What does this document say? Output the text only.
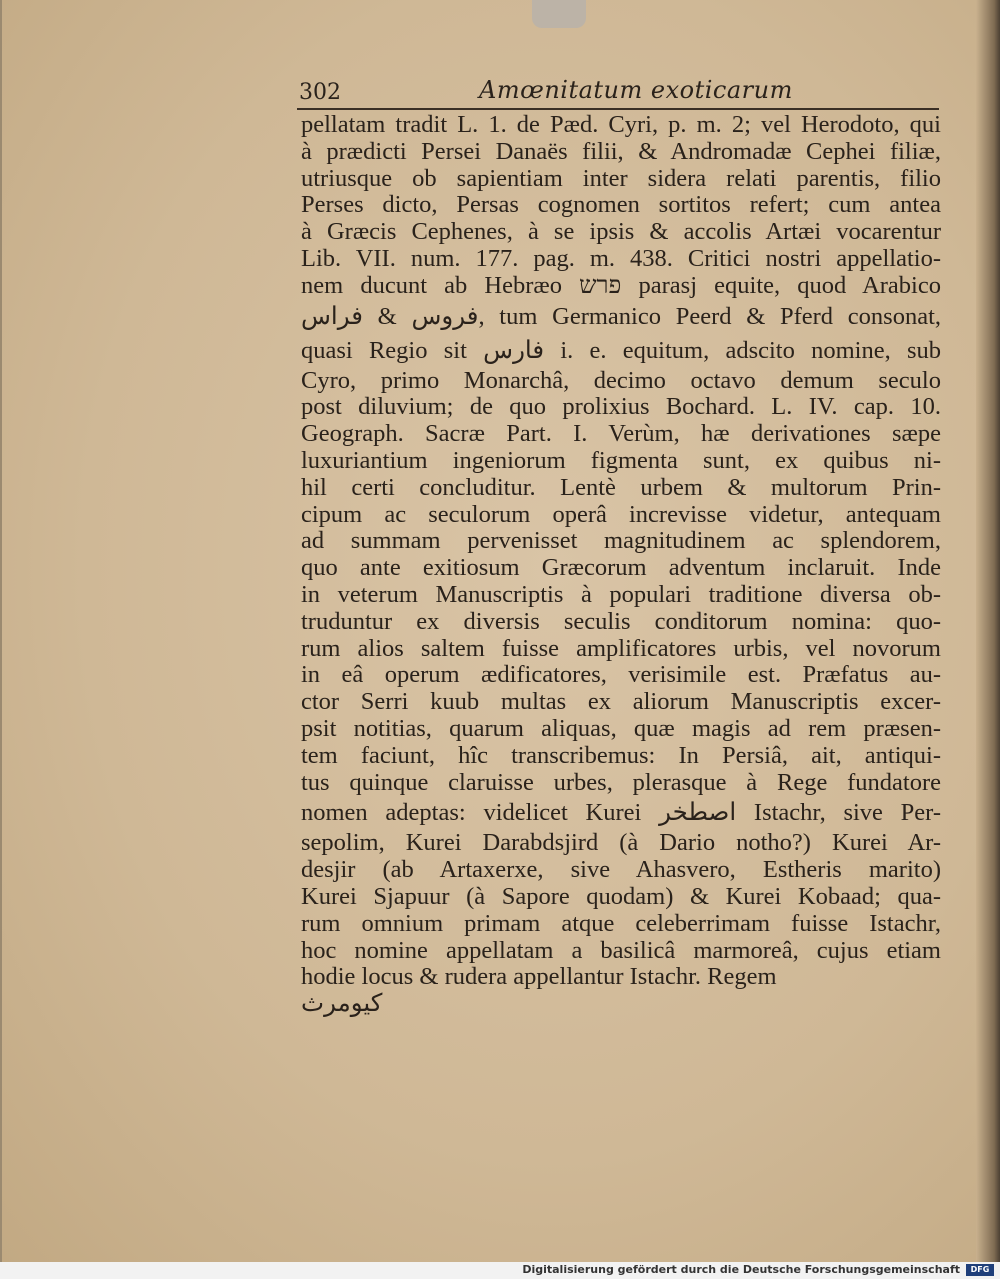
302	Amœnitatum exoticarum
pellatam tradit L. 1. de Pæd. Cyri, p. m. 2; vel Herodoto, qui
à prædicti Persei Danaës filii, & Andromadæ Cephei filiæ,
utriusque ob sapientiam inter sidera relati parentis, filio
Perses dicto, Persas cognomen sortitos refert; cum antea
à Græcis Cephenes, à se ipsis & accolis Artæi vocarentur
Lib. VII. num. 177. pag. m. 438. Critici nostri appellatio-
nem ducunt ab Hebræo פרש parasj equite, quod Arabico
فروس & فراس, tum Germanico Peerd & Pferd consonat,
quasi Regio sit فارس i. e. equitum, adscito nomine, sub
Cyro, primo Monarchâ, decimo octavo demum seculo
post diluvium; de quo prolixius Bochard. L. IV. cap. 10.
Geograph. Sacræ Part. I. Verùm, hæ derivationes sæpe
luxuriantium ingeniorum figmenta sunt, ex quibus ni-
hil certi concluditur. Lentè urbem & multorum Prin-
cipum ac seculorum operâ increvisse videtur, antequam
ad summam pervenisset magnitudinem ac splendorem,
quo ante exitiosum Græcorum adventum inclaruit. Inde
in veterum Manuscriptis à populari traditione diversa ob-
truduntur ex diversis seculis conditorum nomina: quo-
rum alios saltem fuisse amplificatores urbis, vel novorum
in eâ operum ædificatores, verisimile est. Præfatus au-
ctor Serri kuub multas ex aliorum Manuscriptis excer-
psit notitias, quarum aliquas, quæ magis ad rem præsen-
tem faciunt, hîc transcribemus: In Persiâ, ait, antiqui-
tus quinque claruisse urbes, plerasque à Rege fundatore
nomen adeptas: videlicet Kurei اصطخر Istachr, sive Per-
sepolim, Kurei Darabdsjird (à Dario notho?) Kurei Ar-
desjir (ab Artaxerxe, sive Ahasvero, Estheris marito)
Kurei Sjapuur (à Sapore quodam) & Kurei Kobaad; qua-
rum omnium primam atque celeberrimam fuisse Istachr,
hoc nomine appellatam a basilicâ marmoreâ, cujus etiam
hodie locus & rudera appellantur Istachr. Regem
كيومرث
Digitalisierung gefördert durch die Deutsche Forschungsgemeinschaft	DFG
